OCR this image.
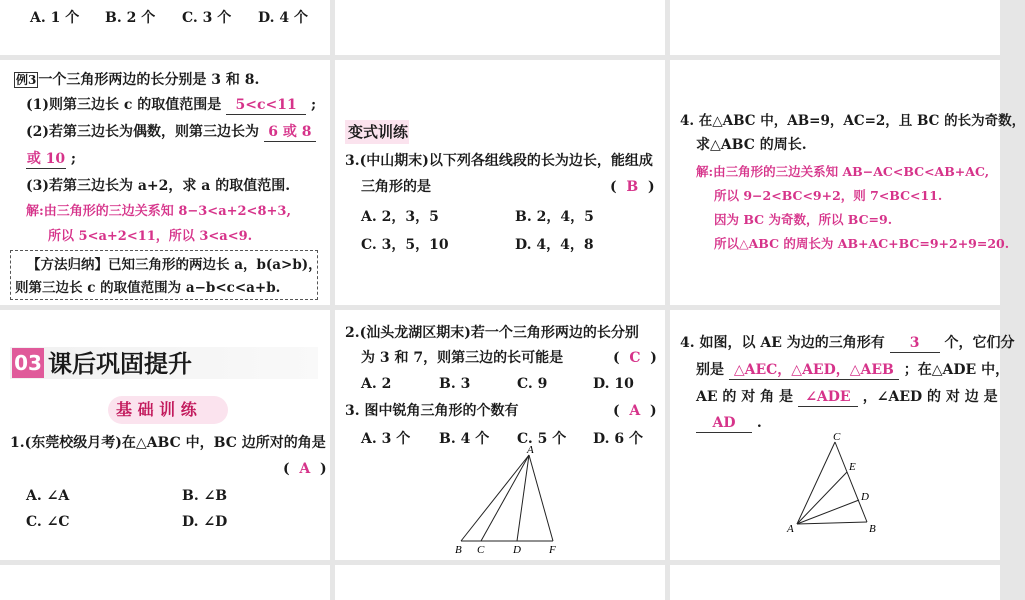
A. 1 个 B. 2 个 C. 3 个 D. 4 个
例3 一个三角形两边的长分别是 3 和 8.
(1)则第三边长 c 的取值范围是 5<c<11 ;
(2)若第三边长为偶数，则第三边长为 6 或 8
或 10 ;
(3)若第三边长为 a+2，求 a 的取值范围.
解:由三角形的三边关系知 8−3<a+2<8+3,
所以 5<a+2<11，所以 3<a<9.
【方法归纳】已知三角形的两边长 a，b(a>b)，
则第三边长 c 的取值范围为 a−b<c<a+b.
变式训练
3.(中山期末)以下列各组线段的长为边长，能组成
三角形的是	(  B  )
A. 2，3，5	B. 2，4，5
C. 3，5，10	D. 4，4，8
4. 在△ABC 中，AB=9，AC=2，且 BC 的长为奇数，
求△ABC 的周长.
解:由三角形的三边关系知 AB−AC<BC<AB+AC,
所以 9−2<BC<9+2，则 7<BC<11.
因为 BC 为奇数，所以 BC=9.
所以△ABC 的周长为 AB+AC+BC=9+2+9=20.
03 课后巩固提升
基 础 训 练
1.(东莞校级月考)在△ABC 中，BC 边所对的角是
(  A  )
A. ∠A	B. ∠B
C. ∠C	D. ∠D
2.(汕头龙湖区期末)若一个三角形两边的长分别
为 3 和 7，则第三边的长可能是	(  C  )
A. 2	B. 3	C. 9	D. 10
3. 图中锐角三角形的个数有	(  A  )
A. 3 个 B. 4 个 C. 5 个 D. 6 个
A
B C	D	F
4. 如图，以 AE 为边的三角形有 3 个，它们分
别是 △AEC，△AED，△AEB ；在△ADE 中，
AE 的 对 角 是 ∠ADE ，∠AED 的 对 边 是
AD .
C
E
D
A	B
